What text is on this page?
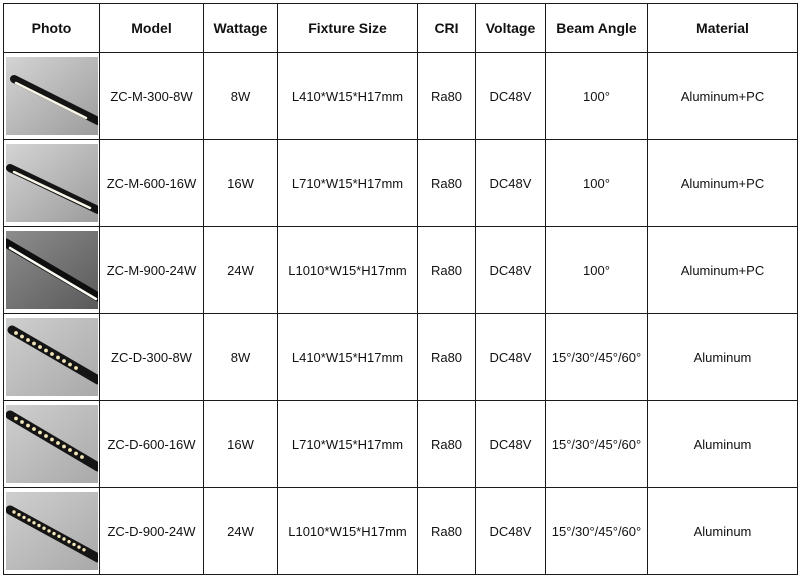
Photo	Model	Wattage	Fixture Size	CRI	Voltage	Beam Angle	Material

	ZC-M-300-8W	8W	L410*W15*H17mm	Ra80	DC48V	100°	Aluminum+PC

	ZC-M-600-16W	16W	L710*W15*H17mm	Ra80	DC48V	100°	Aluminum+PC

	ZC-M-900-24W	24W	L1010*W15*H17mm	Ra80	DC48V	100°	Aluminum+PC

	ZC-D-300-8W	8W	L410*W15*H17mm	Ra80	DC48V	15°/30°/45°/60°	Aluminum

	ZC-D-600-16W	16W	L710*W15*H17mm	Ra80	DC48V	15°/30°/45°/60°	Aluminum

	ZC-D-900-24W	24W	L1010*W15*H17mm	Ra80	DC48V	15°/30°/45°/60°	Aluminum
